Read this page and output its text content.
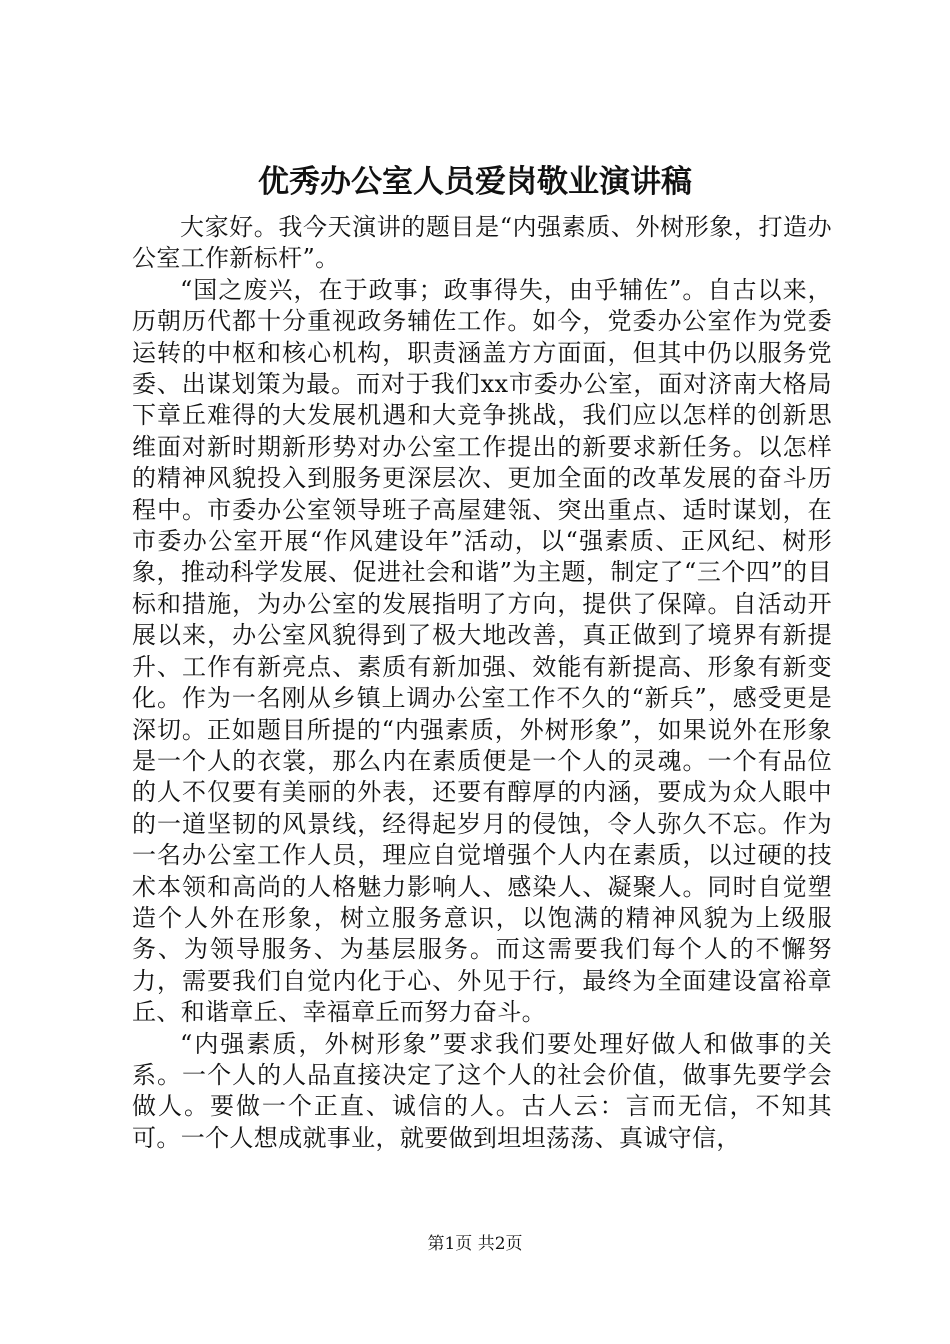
优秀办公室人员爱岗敬业演讲稿

大家好。我今天演讲的题目是“内强素质、外树形象，打造办公室工作新标杆”。

“国之废兴，在于政事；政事得失，由乎辅佐”。自古以来，历朝历代都十分重视政务辅佐工作。如今，党委办公室作为党委运转的中枢和核心机构，职责涵盖方方面面，但其中仍以服务党委、出谋划策为最。而对于我们xx市委办公室，面对济南大格局下章丘难得的大发展机遇和大竞争挑战，我们应以怎样的创新思维面对新时期新形势对办公室工作提出的新要求新任务。以怎样的精神风貌投入到服务更深层次、更加全面的改革发展的奋斗历程中。市委办公室领导班子高屋建瓴、突出重点、适时谋划，在市委办公室开展“作风建设年”活动，以“强素质、正风纪、树形象，推动科学发展、促进社会和谐”为主题，制定了“三个四”的目标和措施，为办公室的发展指明了方向，提供了保障。自活动开展以来，办公室风貌得到了极大地改善，真正做到了境界有新提升、工作有新亮点、素质有新加强、效能有新提高、形象有新变化。作为一名刚从乡镇上调办公室工作不久的“新兵”，感受更是深切。正如题目所提的“内强素质，外树形象”，如果说外在形象是一个人的衣裳，那么内在素质便是一个人的灵魂。一个有品位的人不仅要有美丽的外表，还要有醇厚的内涵，要成为众人眼中的一道坚韧的风景线，经得起岁月的侵蚀，令人弥久不忘。作为一名办公室工作人员，理应自觉增强个人内在素质，以过硬的技术本领和高尚的人格魅力影响人、感染人、凝聚人。同时自觉塑造个人外在形象，树立服务意识，以饱满的精神风貌为上级服务、为领导服务、为基层服务。而这需要我们每个人的不懈努力，需要我们自觉内化于心、外见于行，最终为全面建设富裕章丘、和谐章丘、幸福章丘而努力奋斗。

“内强素质，外树形象”要求我们要处理好做人和做事的关系。一个人的人品直接决定了这个人的社会价值，做事先要学会做人。要做一个正直、诚信的人。古人云：言而无信，不知其可。一个人想成就事业，就要做到坦坦荡荡、真诚守信，

第1页 共2页
